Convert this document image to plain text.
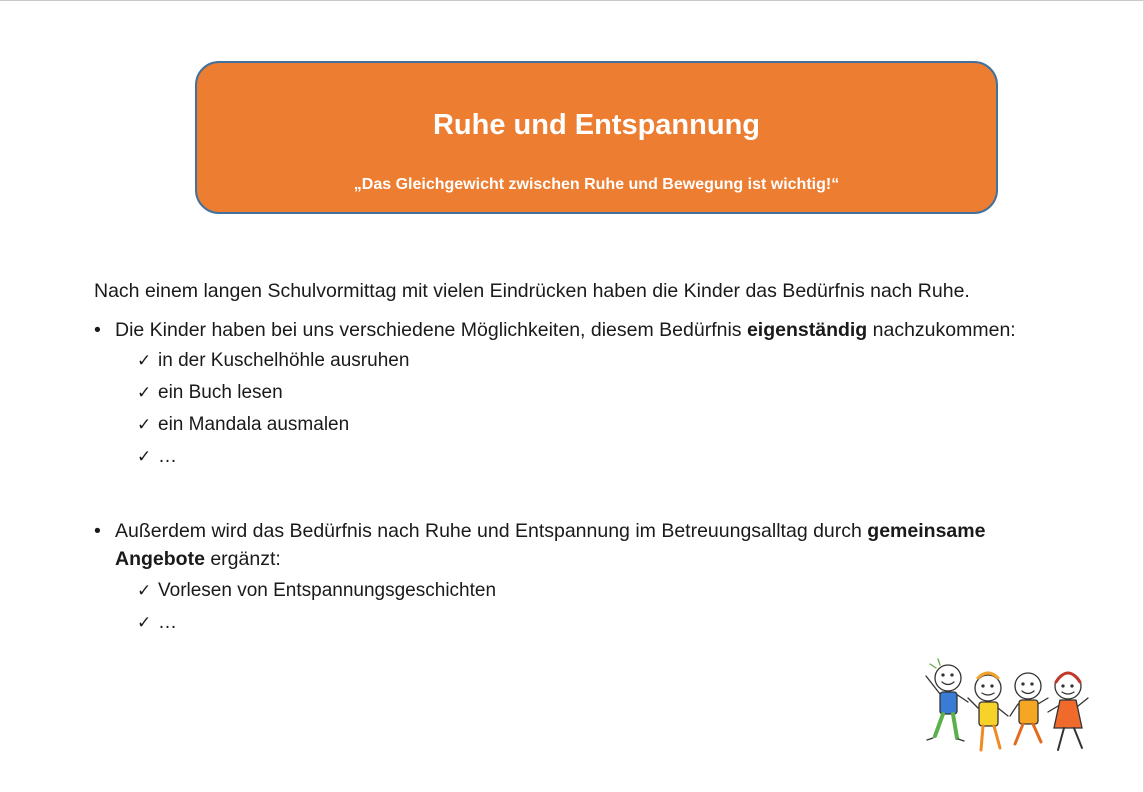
Ruhe und Entspannung
„Das Gleichgewicht zwischen Ruhe und Bewegung ist wichtig!“
Nach einem langen Schulvormittag mit vielen Eindrücken haben die Kinder das Bedürfnis nach Ruhe.
• Die Kinder haben bei uns verschiedene Möglichkeiten, diesem Bedürfnis eigenständig nachzukommen:
✓ in der Kuschelhöhle ausruhen
✓ ein Buch lesen
✓ ein Mandala ausmalen
✓ …
• Außerdem wird das Bedürfnis nach Ruhe und Entspannung im Betreuungsalltag durch gemeinsame Angebote ergänzt:
✓ Vorlesen von Entspannungsgeschichten
✓ …
